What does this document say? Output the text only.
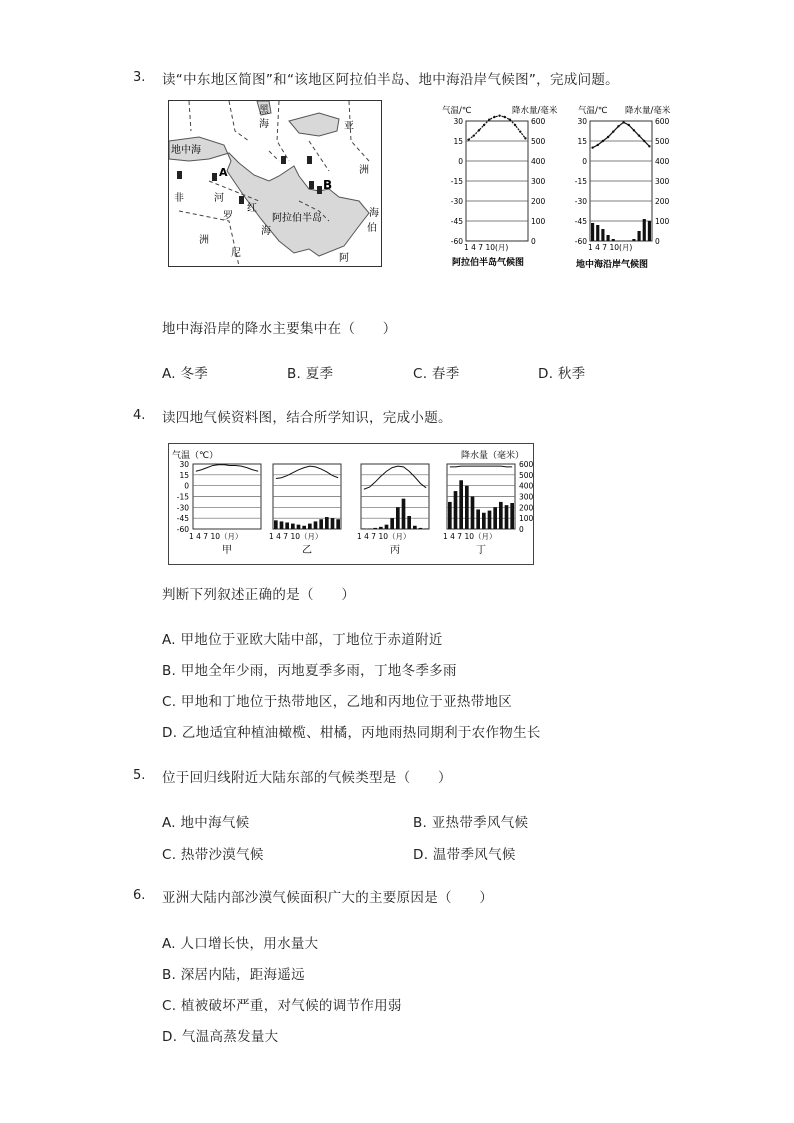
3. 读“中东地区简图”和“该地区阿拉伯半岛、地中海沿岸气候图”，完成问题。
黑
海	亚
地中海
洲
A
B
非	河
红
罗	阿拉伯半岛
海
洲
尼	阿
伯
海
气温/℃	降水量/毫米 气温/℃ 降水量/毫米
阿拉伯半岛气候图	地中海沿岸气候图
30
15
0
-15
-30
-45
-60
600
500
400
300
200
100
0
1 4 7 10(月)
30
15
0
-15
-30
-45
-60
600
500
400
300
200
100
0
1 4 7 10(月)
地中海沿岸的降水主要集中在（　　）
A. 冬季	B. 夏季	C. 春季	D. 秋季
4. 读四地气候资料图，结合所学知识，完成小题。
气温（℃）	降水量（毫米）
30
15
0
-15
-30
-45
-60
600
500
400
300
200
100
0
1 4 7 10（月）
甲
1 4 7 10（月）
乙
1 4 7 10（月）
丙
1 4 7 10（月）
丁
判断下列叙述正确的是（　　）
A. 甲地位于亚欧大陆中部，丁地位于赤道附近
B. 甲地全年少雨，丙地夏季多雨，丁地冬季多雨
C. 甲地和丁地位于热带地区，乙地和丙地位于亚热带地区
D. 乙地适宜种植油橄榄、柑橘，丙地雨热同期利于农作物生长
5. 位于回归线附近大陆东部的气候类型是（　　）
A. 地中海气候	B. 亚热带季风气候
C. 热带沙漠气候	D. 温带季风气候
6. 亚洲大陆内部沙漠气候面积广大的主要原因是（　　）
A. 人口增长快，用水量大
B. 深居内陆，距海遥远
C. 植被破坏严重，对气候的调节作用弱
D. 气温高蒸发量大
